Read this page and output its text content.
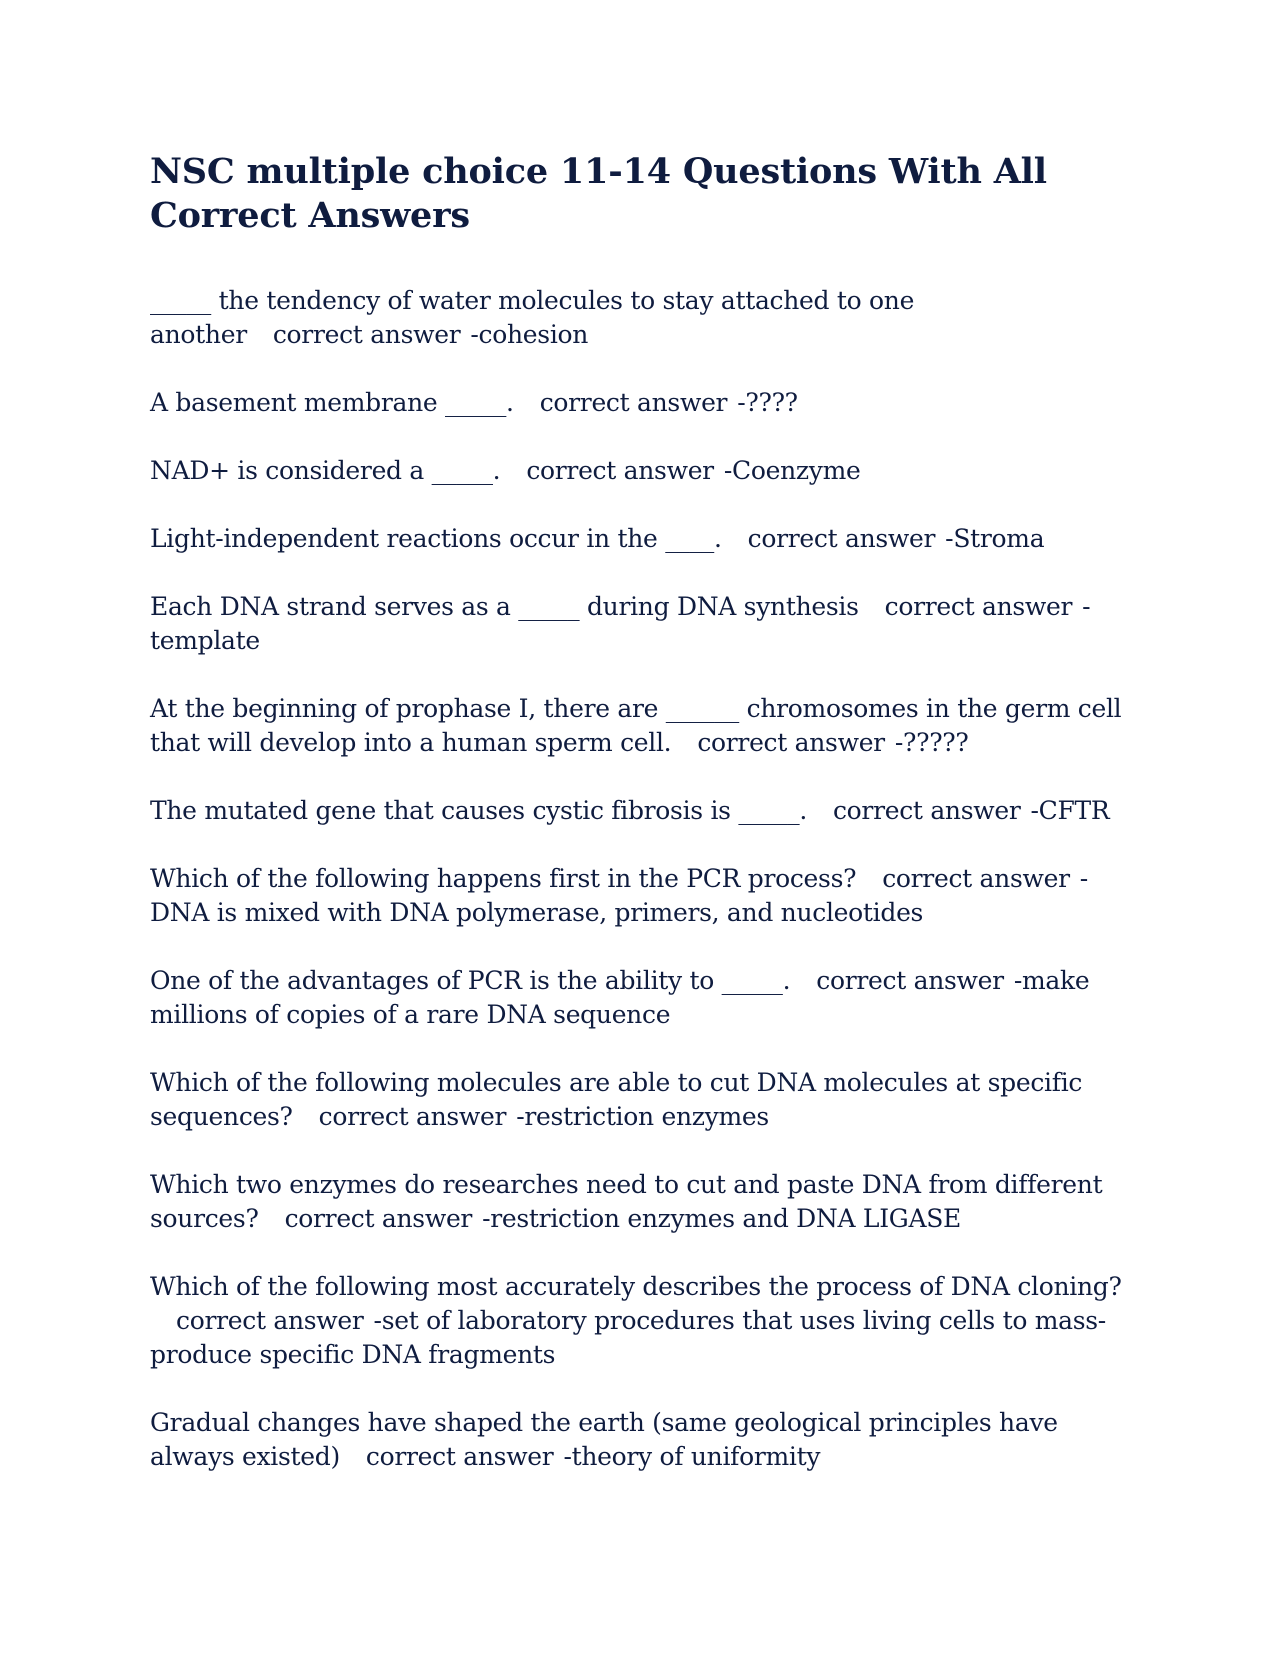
NSC multiple choice 11-14 Questions With All Correct Answers

_____ the tendency of water molecules to stay attached to one another correct answer - cohesion

A basement membrane _____. correct answer - ????

NAD+ is considered a _____. correct answer - Coenzyme

Light-independent reactions occur in the ____. correct answer - Stroma

Each DNA strand serves as a _____ during DNA synthesis correct answer- template

At the beginning of prophase I, there are ______ chromosomes in the germ cell that will develop into a human sperm cell. correct answer - ?????

The mutated gene that causes cystic fibrosis is _____. correct answer - CFTR

Which of the following happens first in the PCR process? correct answer- DNA is mixed with DNA polymerase, primers, and nucleotides

One of the advantages of PCR is the ability to _____. correct answer - make millions of copies of a rare DNA sequence

Which of the following molecules are able to cut DNA molecules at specific sequences? correct answer - restriction enzymes

Which two enzymes do researches need to cut and paste DNA from different sources? correct answer - restriction enzymes and DNA LIGASE

Which of the following most accurately describes the process of DNA cloning?correct answer - set of laboratory procedures that uses living cells to mass-produce specific DNA fragments

Gradual changes have shaped the earth (same geological principles have always existed) correct answer - theory of uniformity
